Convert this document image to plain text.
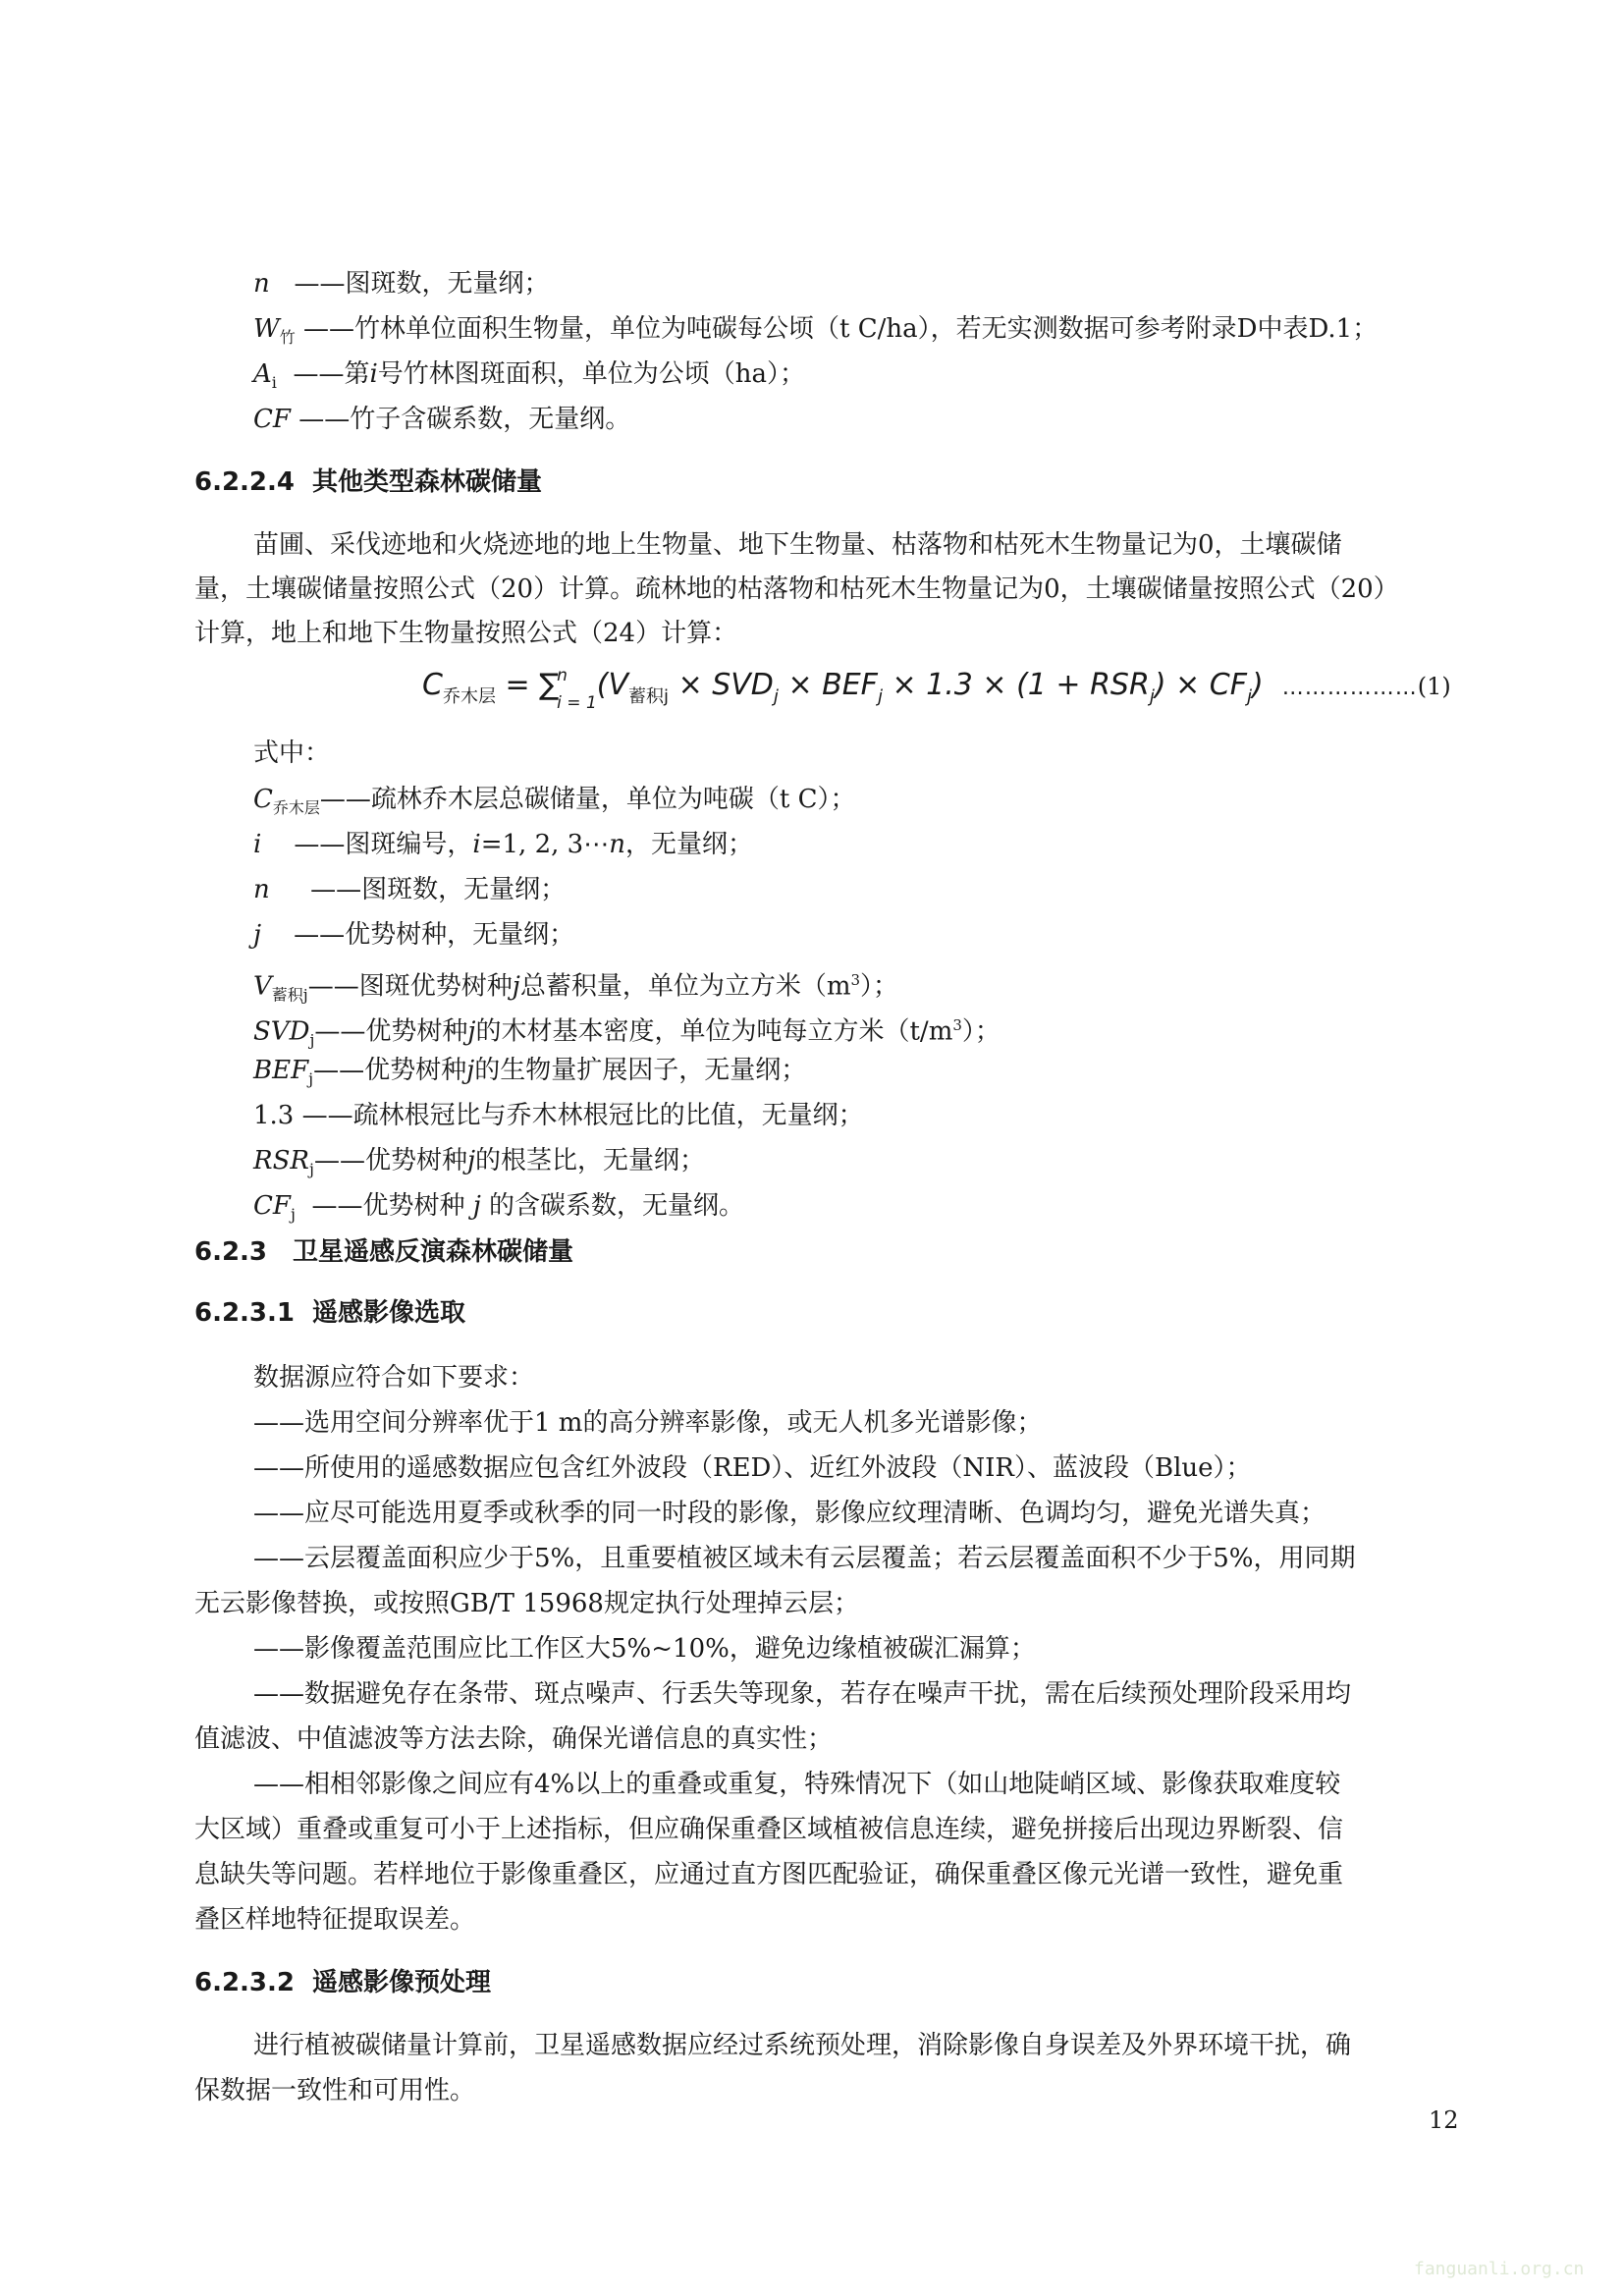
n ——图斑数，无量纲；
$W_竹$ ——竹林单位面积生物量，单位为吨碳每公顷（t C/ha），若无实测数据可参考附录D中表D.1；
$A_i$ ——第i号竹林图斑面积，单位为公顷（ha）；
CF ——竹子含碳系数，无量纲。
6.2.2.4 其他类型森林碳储量
苗圃、采伐迹地和火烧迹地的地上生物量、地下生物量、枯落物和枯死木生物量记为0，土壤碳储
量，土壤碳储量按照公式（20）计算。疏林地的枯落物和枯死木生物量记为0，土壤碳储量按照公式（20）
计算，地上和地下生物量按照公式（24）计算：
$C_{乔木层}$ = ∑
n
i = 1
$(V_{蓄积j} \times SVD_j \times BEF_j \times 1.3 \times (1 + RSR_j) \times CF_j)$ ………………(1)
式中：
$C_{乔木层}——$疏林乔木层总碳储量，单位为吨碳（t C）；
i ——图斑编号，i=1, 2, 3⋯n，无量纲；
n ——图斑数，无量纲；
j ——优势树种，无量纲；
$V_{蓄积j}——$图斑优势树种j总蓄积量，单位为立方米$(m^3)$；
$SVD_j——$优势树种j的木材基本密度，单位为吨每立方米$(t/m^3)$；
$BEF_j——$优势树种j的生物量扩展因子，无量纲；
1.3 ——疏林根冠比与乔木林根冠比的比值，无量纲；
$RSR_j——$优势树种j的根茎比，无量纲；
$CF_j$ ——优势树种 j 的含碳系数，无量纲。
6.2.3 卫星遥感反演森林碳储量
6.2.3.1 遥感影像选取
数据源应符合如下要求：
——选用空间分辨率优于1 m的高分辨率影像，或无人机多光谱影像；
——所使用的遥感数据应包含红外波段（RED）、近红外波段（NIR）、蓝波段（Blue）；
——应尽可能选用夏季或秋季的同一时段的影像，影像应纹理清晰、色调均匀，避免光谱失真；
——云层覆盖面积应少于5%，且重要植被区域未有云层覆盖；若云层覆盖面积不少于5%，用同期
无云影像替换，或按照GB/T 15968规定执行处理掉云层；
——影像覆盖范围应比工作区大5%~10%，避免边缘植被碳汇漏算；
——数据避免存在条带、斑点噪声、行丢失等现象，若存在噪声干扰，需在后续预处理阶段采用均
值滤波、中值滤波等方法去除，确保光谱信息的真实性；
——相相邻影像之间应有4%以上的重叠或重复，特殊情况下（如山地陡峭区域、影像获取难度较
大区域）重叠或重复可小于上述指标，但应确保重叠区域植被信息连续，避免拼接后出现边界断裂、信
息缺失等问题。若样地位于影像重叠区，应通过直方图匹配验证，确保重叠区像元光谱一致性，避免重
叠区样地特征提取误差。
6.2.3.2 遥感影像预处理
进行植被碳储量计算前，卫星遥感数据应经过系统预处理，消除影像自身误差及外界环境干扰，确
保数据一致性和可用性。
12
fanguanli.org.cn
